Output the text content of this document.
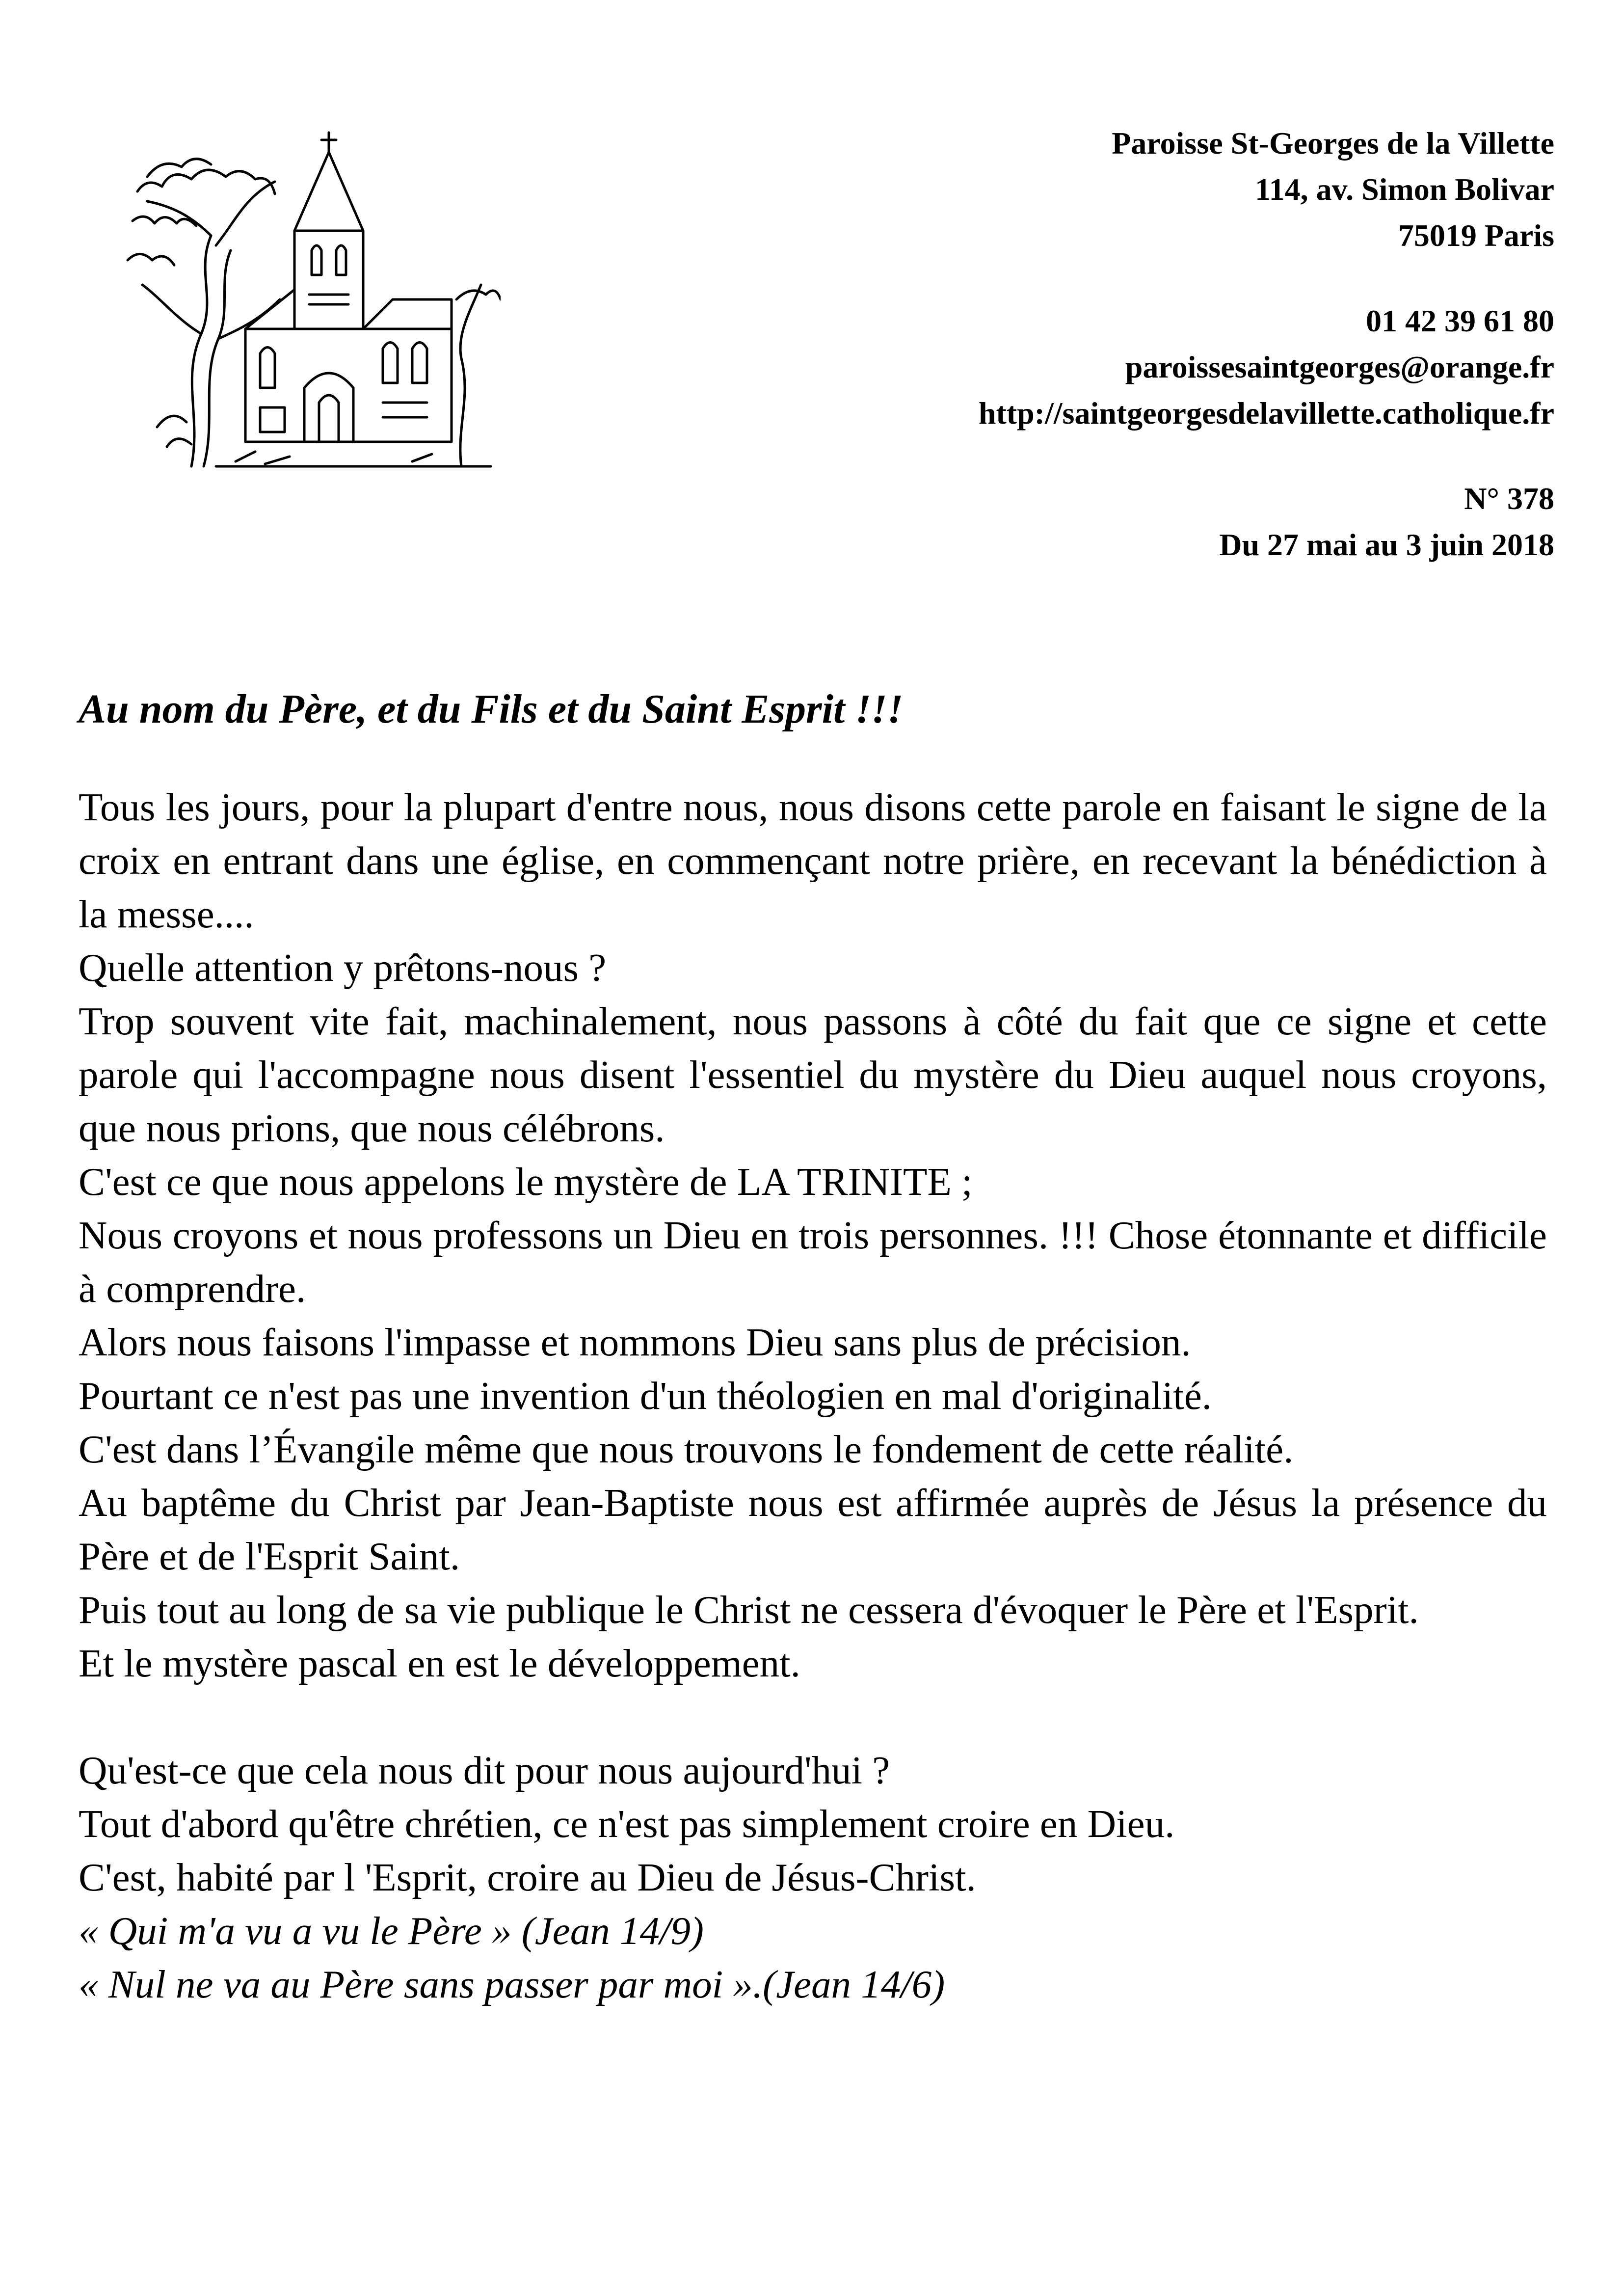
Paroisse St-Georges de la Villette
114, av. Simon Bolivar
75019 Paris
01 42 39 61 80
paroissesaintgeorges@orange.fr
http://saintgeorgesdelavillette.catholique.fr
N° 378
Du 27 mai au 3 juin 2018
Au nom du Père, et du Fils et du Saint Esprit !!!

Tous les jours, pour la plupart d'entre nous, nous disons cette parole en faisant le signe de la croix en entrant dans une église, en commençant notre prière, en recevant la bénédiction à la messe....

Quelle attention y prêtons-nous ?

Trop souvent vite fait, machinalement, nous passons à côté du fait que ce signe et cette parole qui l'accompagne nous disent l'essentiel du mystère du Dieu auquel nous croyons, que nous prions, que nous célébrons.

C'est ce que nous appelons le mystère de LA TRINITE ;

Nous croyons et nous professons un Dieu en trois personnes. !!! Chose étonnante et difficile à comprendre.

Alors nous faisons l'impasse et nommons Dieu sans plus de précision.

Pourtant ce n'est pas une invention d'un théologien en mal d'originalité.

C'est dans l’Évangile même que nous trouvons le fondement de cette réalité.

Au baptême du Christ par Jean-Baptiste nous est affirmée auprès de Jésus la présence du Père et de l'Esprit Saint.

Puis tout au long de sa vie publique le Christ ne cessera d'évoquer le Père et l'Esprit.

Et le mystère pascal en est le développement.

Qu'est-ce que cela nous dit pour nous aujourd'hui ?

Tout d'abord qu'être chrétien, ce n'est pas simplement croire en Dieu.

C'est, habité par l 'Esprit, croire au Dieu de Jésus-Christ.

« Qui m'a vu a vu le Père » (Jean 14/9)

« Nul ne va au Père sans passer par moi ».(Jean 14/6)
